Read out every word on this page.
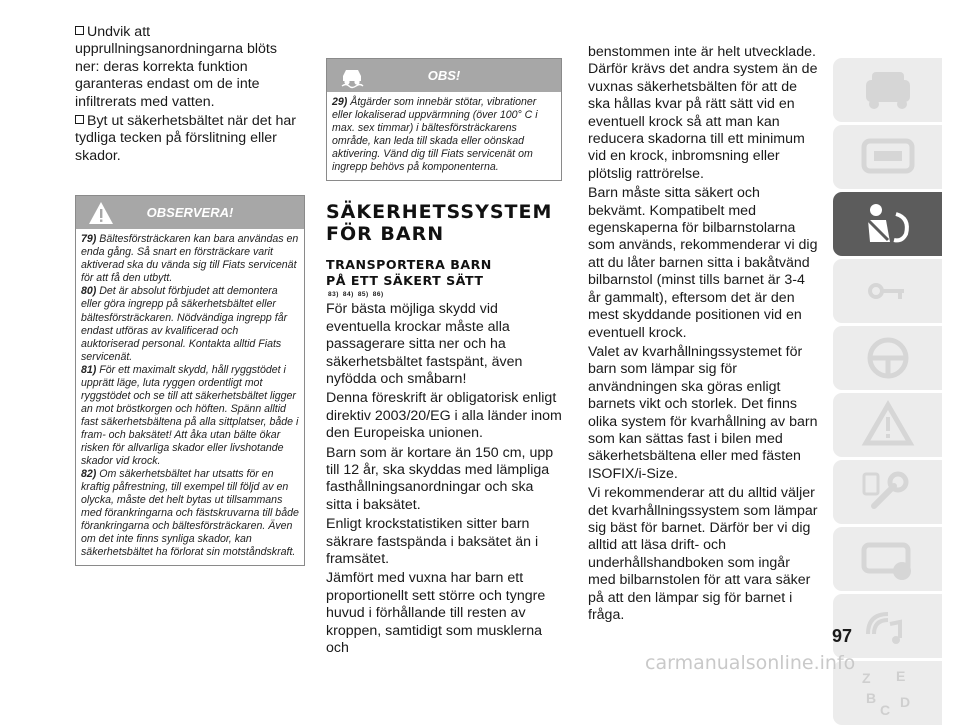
Undvik att upprullningsanordningarna blöts ner: deras korrekta funktion garanteras endast om de inte infiltrerats med vatten.

Byt ut säkerhetsbältet när det har tydliga tecken på förslitning eller skador.

OBSERVERA!

79) Bältesförsträckaren kan bara användas en enda gång. Så snart en försträckare varit aktiverad ska du vända sig till Fiats servicenät för att få den utbytt.

80) Det är absolut förbjudet att demontera eller göra ingrepp på säkerhetsbältet eller bältesförsträckaren. Nödvändiga ingrepp får endast utföras av kvalificerad och auktoriserad personal. Kontakta alltid Fiats servicenät.

81) För ett maximalt skydd, håll ryggstödet i upprätt läge, luta ryggen ordentligt mot ryggstödet och se till att säkerhetsbältet ligger an mot bröstkorgen och höften. Spänn alltid fast säkerhetsbältena på alla sittplatser, både i fram- och baksätet! Att åka utan bälte ökar risken för allvarliga skador eller livshotande skador vid krock.

82) Om säkerhetsbältet har utsatts för en kraftig påfrestning, till exempel till följd av en olycka, måste det helt bytas ut tillsammans med förankringarna och fästskruvarna till både förankringarna och bältesförsträckaren. Även om det inte finns synliga skador, kan säkerhetsbältet ha förlorat sin motståndskraft.

OBS!

29) Åtgärder som innebär stötar, vibrationer eller lokaliserad uppvärmning (över 100° C i max. sex timmar) i bältesförsträckarens område, kan leda till skada eller oönskad aktivering. Vänd dig till Fiats servicenät om ingrepp behövs på komponenterna.

SÄKERHETSSYSTEM
FÖR BARN
TRANSPORTERA BARN
PÅ ETT SÄKERT SÄTT
83) 84) 85) 86)

För bästa möjliga skydd vid eventuella krockar måste alla passagerare sitta ner och ha säkerhetsbältet fastspänt, även nyfödda och småbarn!

Denna föreskrift är obligatorisk enligt direktiv 2003/20/EG i alla länder inom den Europeiska unionen.

Barn som är kortare än 150 cm, upp till 12 år, ska skyddas med lämpliga fasthållningsanordningar och ska sitta i baksätet.

Enligt krockstatistiken sitter barn säkrare fastspända i baksätet än i framsätet.

Jämfört med vuxna har barn ett proportionellt sett större och tyngre huvud i förhållande till resten av kroppen, samtidigt som musklerna och

benstommen inte är helt utvecklade. Därför krävs det andra system än de vuxnas säkerhetsbälten för att de ska hållas kvar på rätt sätt vid en eventuell krock så att man kan reducera skadorna till ett minimum vid en krock, inbromsning eller plötslig rattrörelse.

Barn måste sitta säkert och bekvämt. Kompatibelt med egenskaperna för bilbarnstolarna som används, rekommenderar vi dig att du låter barnen sitta i bakåtvänd bilbarnstol (minst tills barnet är 3-4 år gammalt), eftersom det är den mest skyddande positionen vid en eventuell krock.

Valet av kvarhållningssystemet för barn som lämpar sig för användningen ska göras enligt barnets vikt och storlek. Det finns olika system för kvarhållning av barn som kan sättas fast i bilen med säkerhetsbältena eller med fästen ISOFIX/i-Size.

Vi rekommenderar att du alltid väljer det kvarhållningssystem som lämpar sig bäst för barnet. Därför ber vi dig alltid att läsa drift- och underhållshandboken som ingår med bilbarnstolen för att vara säker på att den lämpar sig för barnet i fråga.

Z E
B D
C
97
carmanualsonline.info
